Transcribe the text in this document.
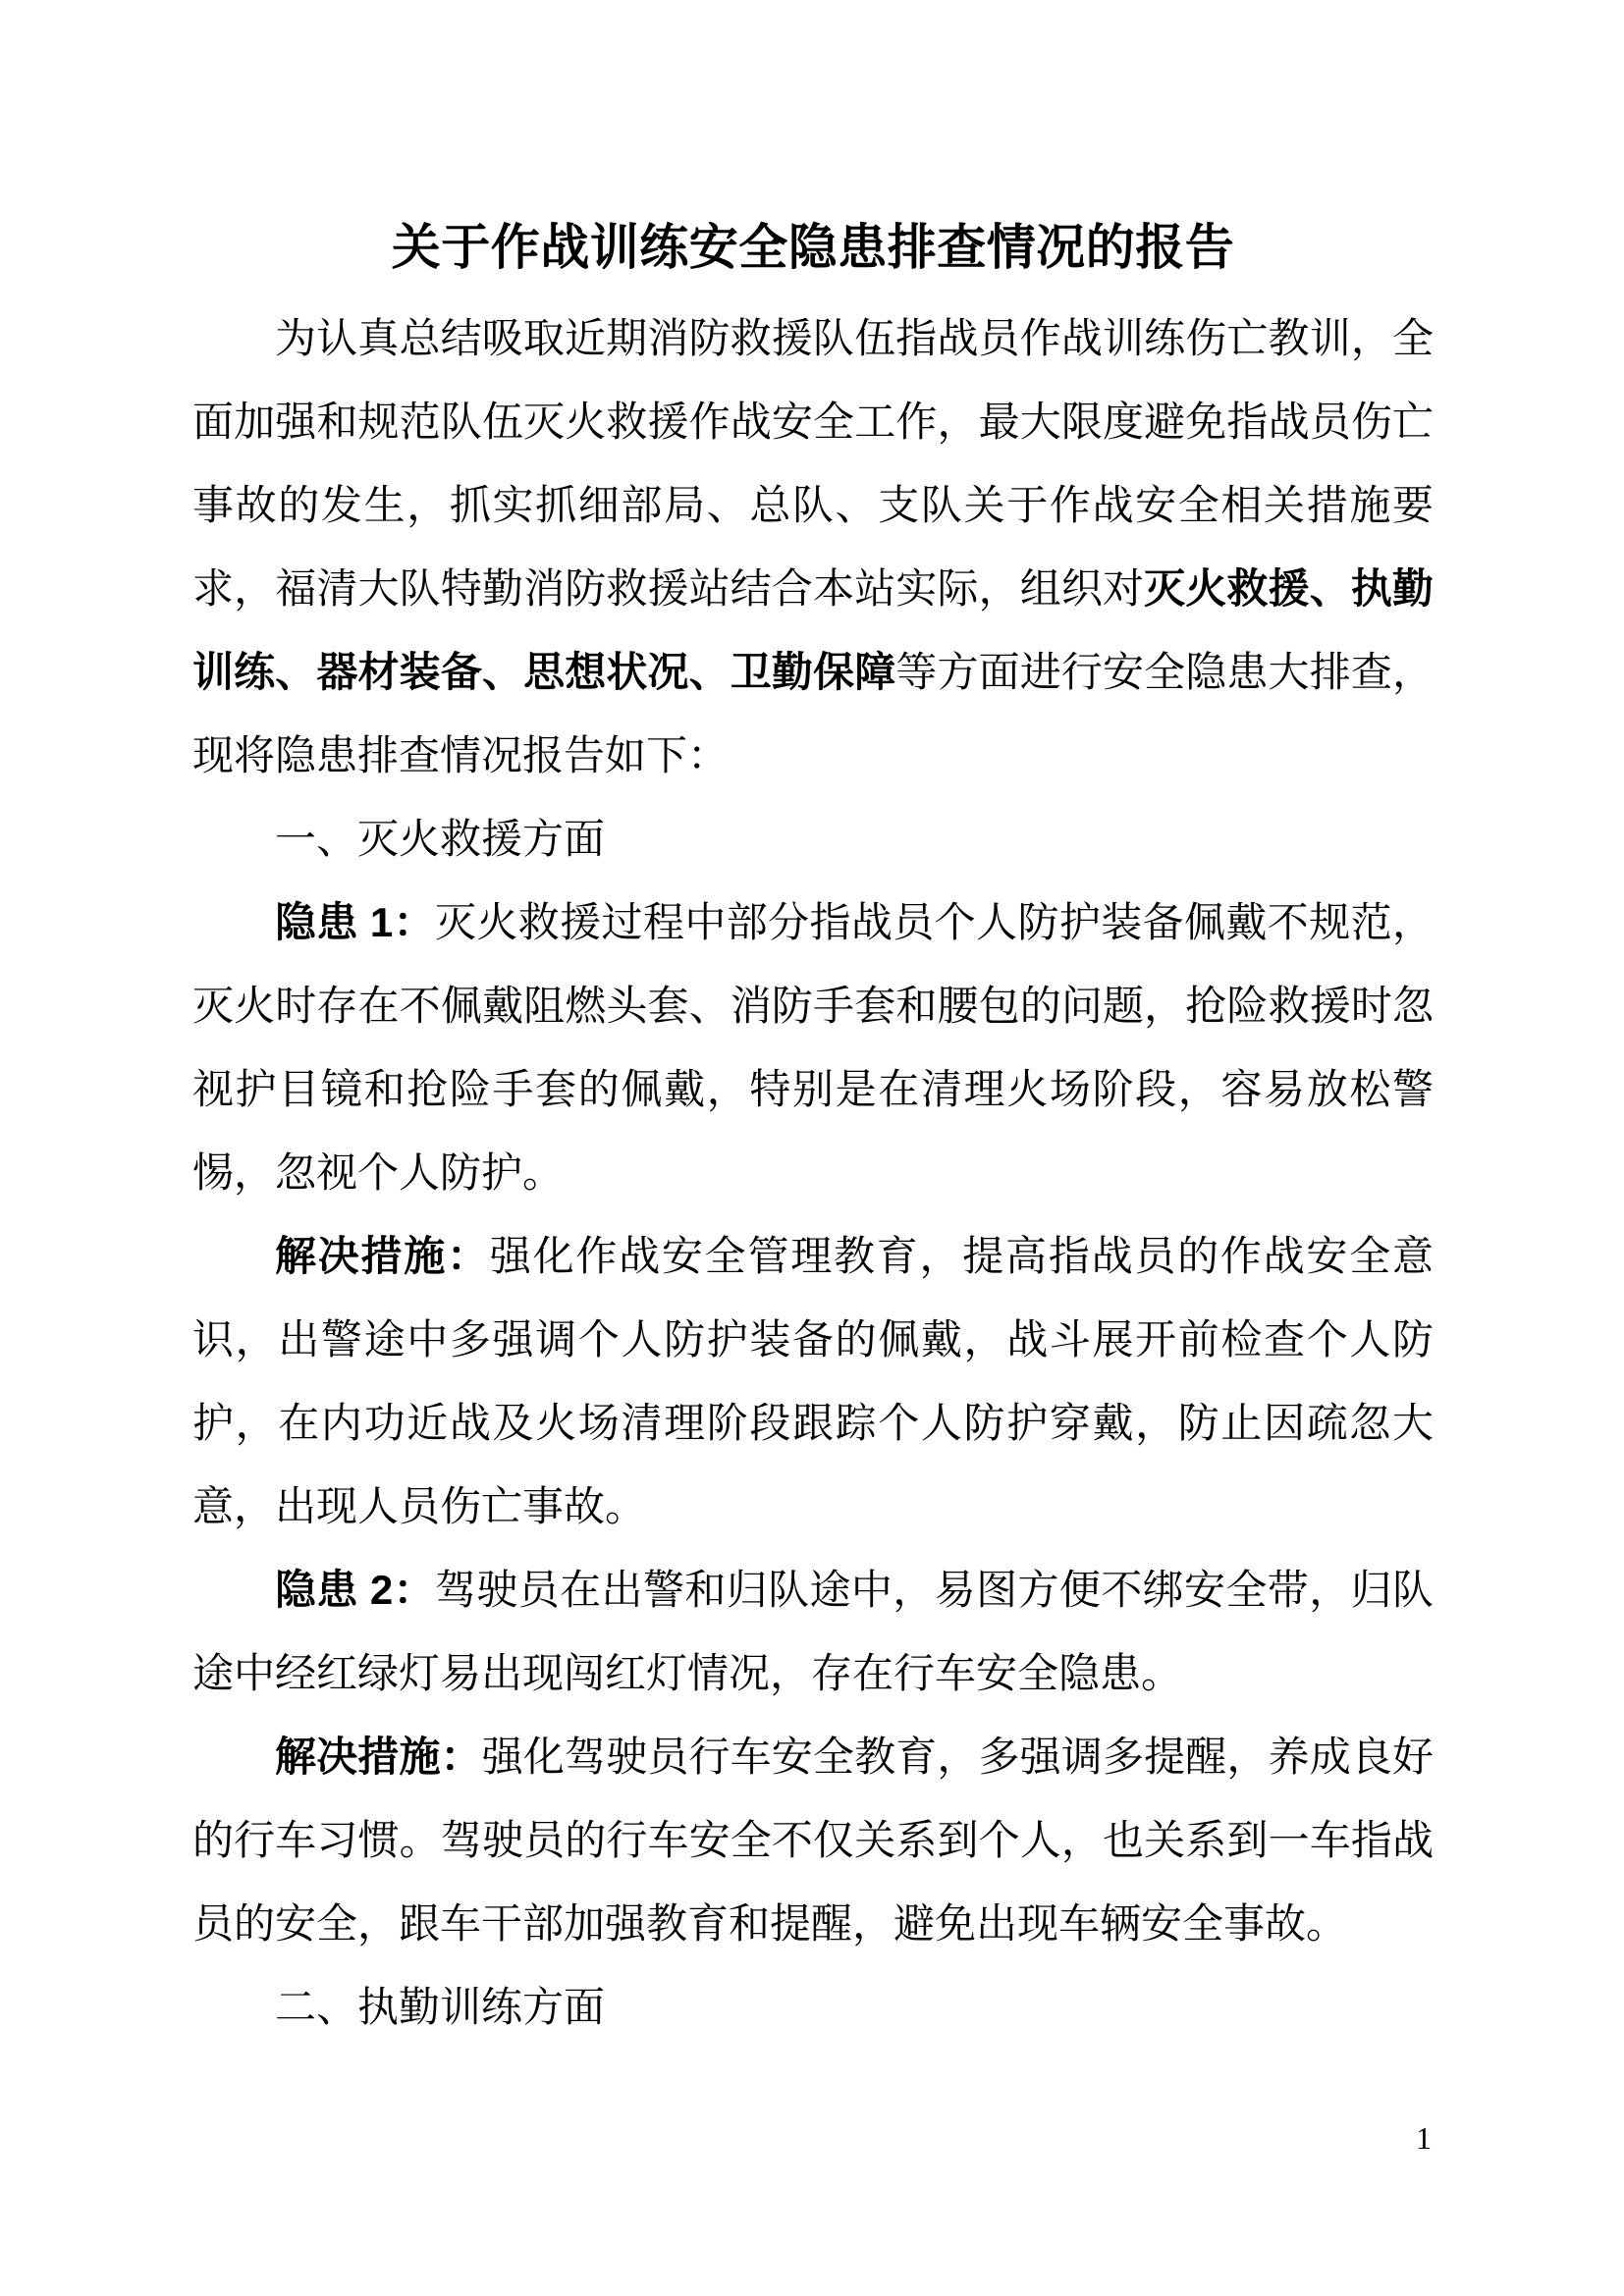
关于作战训练安全隐患排查情况的报告

为认真总结吸取近期消防救援队伍指战员作战训练伤亡教训，全面加强和规范队伍灭火救援作战安全工作，最大限度避免指战员伤亡事故的发生，抓实抓细部局、总队、支队关于作战安全相关措施要求，福清大队特勤消防救援站结合本站实际，组织对灭火救援、执勤训练、器材装备、思想状况、卫勤保障等方面进行安全隐患大排查，现将隐患排查情况报告如下：

一、灭火救援方面

隐患 1：灭火救援过程中部分指战员个人防护装备佩戴不规范，灭火时存在不佩戴阻燃头套、消防手套和腰包的问题，抢险救援时忽视护目镜和抢险手套的佩戴，特别是在清理火场阶段，容易放松警惕，忽视个人防护。

解决措施：强化作战安全管理教育，提高指战员的作战安全意识，出警途中多强调个人防护装备的佩戴，战斗展开前检查个人防护，在内功近战及火场清理阶段跟踪个人防护穿戴，防止因疏忽大意，出现人员伤亡事故。

隐患 2：驾驶员在出警和归队途中，易图方便不绑安全带，归队途中经红绿灯易出现闯红灯情况，存在行车安全隐患。

解决措施：强化驾驶员行车安全教育，多强调多提醒，养成良好的行车习惯。驾驶员的行车安全不仅关系到个人，也关系到一车指战员的安全，跟车干部加强教育和提醒，避免出现车辆安全事故。

二、执勤训练方面

1
